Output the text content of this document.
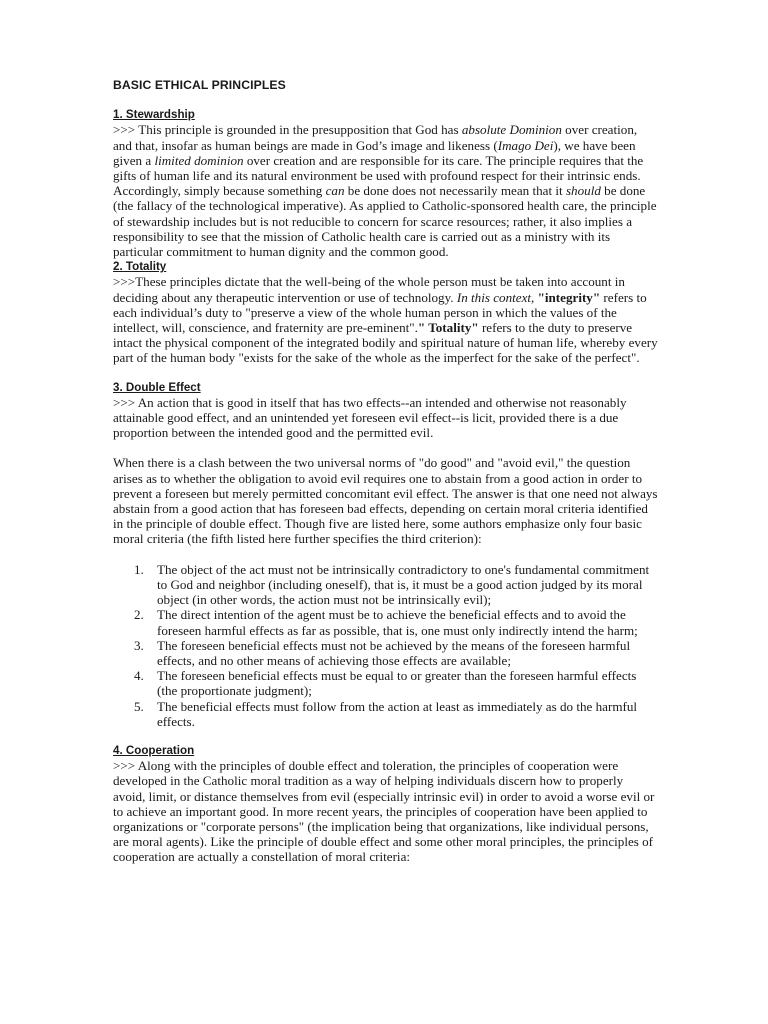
BASIC ETHICAL PRINCIPLES
1. Stewardship

>>> This principle is grounded in the presupposition that God has absolute Dominion over creation, and that, insofar as human beings are made in God’s image and likeness (Imago Dei), we have been given a limited dominion over creation and are responsible for its care. The principle requires that the gifts of human life and its natural environment be used with profound respect for their intrinsic ends. Accordingly, simply because something can be done does not necessarily mean that it should be done (the fallacy of the technological imperative). As applied to Catholic-sponsored health care, the principle of stewardship includes but is not reducible to concern for scarce resources; rather, it also implies a responsibility to see that the mission of Catholic health care is carried out as a ministry with its particular commitment to human dignity and the common good.

2. Totality

>>>These principles dictate that the well-being of the whole person must be taken into account in deciding about any therapeutic intervention or use of technology. In this context, "integrity" refers to each individual’s duty to "preserve a view of the whole human person in which the values of the intellect, will, conscience, and fraternity are pre-eminent"." Totality" refers to the duty to preserve intact the physical component of the integrated bodily and spiritual nature of human life, whereby every part of the human body "exists for the sake of the whole as the imperfect for the sake of the perfect".

3. Double Effect

>>> An action that is good in itself that has two effects--an intended and otherwise not reasonably attainable good effect, and an unintended yet foreseen evil effect--is licit, provided there is a due proportion between the intended good and the permitted evil.

When there is a clash between the two universal norms of "do good" and "avoid evil," the question arises as to whether the obligation to avoid evil requires one to abstain from a good action in order to prevent a foreseen but merely permitted concomitant evil effect. The answer is that one need not always abstain from a good action that has foreseen bad effects, depending on certain moral criteria identified in the principle of double effect. Though five are listed here, some authors emphasize only four basic moral criteria (the fifth listed here further specifies the third criterion):

1. The object of the act must not be intrinsically contradictory to one's fundamental commitment to God and neighbor (including oneself), that is, it must be a good action judged by its moral object (in other words, the action must not be intrinsically evil);
2. The direct intention of the agent must be to achieve the beneficial effects and to avoid the foreseen harmful effects as far as possible, that is, one must only indirectly intend the harm;
3. The foreseen beneficial effects must not be achieved by the means of the foreseen harmful effects, and no other means of achieving those effects are available;
4. The foreseen beneficial effects must be equal to or greater than the foreseen harmful effects (the proportionate judgment);
5. The beneficial effects must follow from the action at least as immediately as do the harmful effects.
4. Cooperation

>>> Along with the principles of double effect and toleration, the principles of cooperation were developed in the Catholic moral tradition as a way of helping individuals discern how to properly avoid, limit, or distance themselves from evil (especially intrinsic evil) in order to avoid a worse evil or to achieve an important good. In more recent years, the principles of cooperation have been applied to organizations or "corporate persons" (the implication being that organizations, like individual persons, are moral agents). Like the principle of double effect and some other moral principles, the principles of cooperation are actually a constellation of moral criteria:
